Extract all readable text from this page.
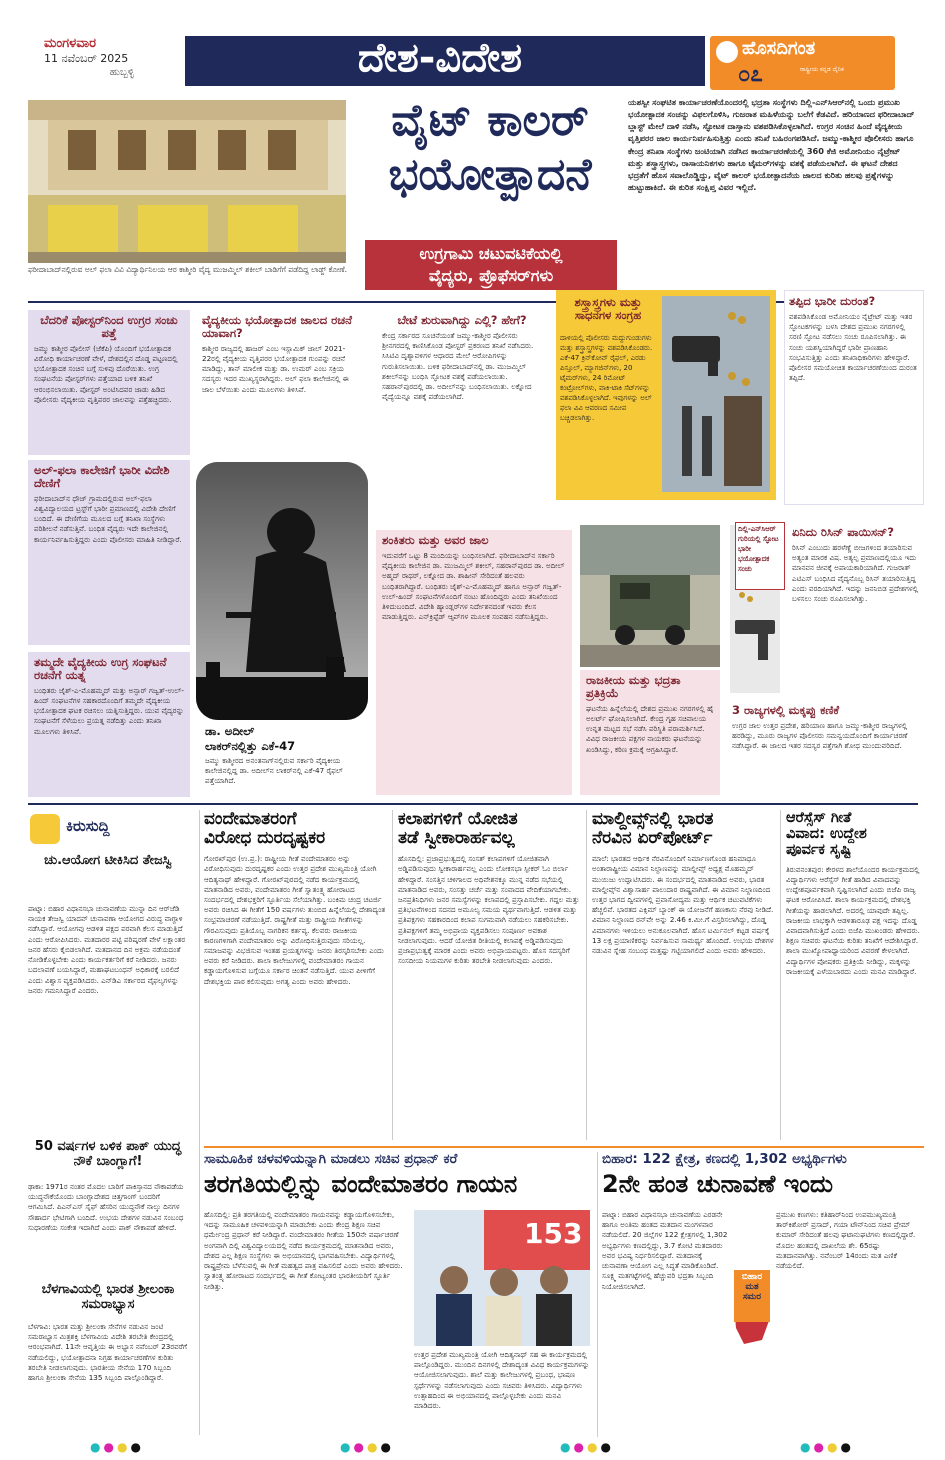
ಮಂಗಳವಾರ
11 ನವೆಂಬರ್ 2025
ಹುಬ್ಬಳ್ಳಿ	ದೇಶ-ವಿದೇಶ	ಹೊಸದಿಗಂತ
ರಾಷ್ಟ್ರೀಯ ಕನ್ನಡ ದೈನಿಕ
೦೭
ಫರೀದಾಬಾದ್‌ನಲ್ಲಿರುವ ಅಲ್ ಫಲಾ ವಿವಿ ವಿದ್ಯಾರ್ಥಿನಿಲಯ ಆರ ಕಾಶ್ಮೀರಿ ವೈದ್ಯ ಮುಜಮ್ಮಿಲ್ ಶಕೀಲ್ ಬಾಡಿಗೆಗೆ ಪಡೆದಿದ್ದ ಲಾಡ್ಜ್ ಕೋಣೆ.
ವೈಟ್ ಕಾಲರ್
ಭಯೋತ್ಪಾದನೆ
ಉಗ್ರಗಾಮಿ ಚಟುವಟಿಕೆಯಲ್ಲಿ
ವೈದ್ಯರು, ಪ್ರೊಫೆಸರ್‌ಗಳು
ಯಶಸ್ವೀ ಸಂಘಟಿತ ಕಾರ್ಯಾಚರಣೆಯೊಂದರಲ್ಲಿ ಭದ್ರತಾ ಸಂಸ್ಥೆಗಳು ದಿಲ್ಲಿ-ಎನ್‌ಸಿಆರ್‌ನಲ್ಲಿ ಒಂದು ಪ್ರಮುಖ ಭಯೋತ್ಪಾದಕ ಸಂಚನ್ನು ವಿಫಲಗೊಳಿಸಿ, ಗುಜರಾತ ಮಹಿಳೆಯನ್ನು ಬಲೆಗೆ ಕೆಡವಿದೆ. ಹರಿಯಾಣದ ಫರೀದಾಬಾದ್ ಬ್ಲಾಸ್ಟ್ ಮೇಲೆ ದಾಳಿ ನಡೆಸಿ, ಸ್ಫೋಟಕ ದಾಸ್ತಾನು ವಶಪಡಿಸಿಕೊಳ್ಳಲಾಗಿದೆ. ಉಗ್ರರ ಸಂಚಿನ ಹಿಂದೆ ವೈದ್ಯಕೀಯ ವೃತ್ತಿಪರರ ಜಾಲ ಕಾರ್ಯನಿರ್ವಹಿಸುತ್ತಿತ್ತು ಎಂದು ತನಿಖೆ ಬಹಿರಂಗಪಡಿಸಿದೆ. ಜಮ್ಮು-ಕಾಶ್ಮೀರ ಪೊಲೀಸರು ಹಾಗೂ ಕೇಂದ್ರ ತನಿಖಾ ಸಂಸ್ಥೆಗಳು ಜಂಟಿಯಾಗಿ ನಡೆಸಿದ ಕಾರ್ಯಾಚರಣೆಯಲ್ಲಿ 360 ಕೆಜಿ ಅಮೋನಿಯಂ ನೈಟ್ರೇಟ್ ಮತ್ತು ಶಸ್ತ್ರಾಸ್ತ್ರಗಳು, ರಾಸಾಯನಿಕಗಳು ಹಾಗೂ ಟೈಮರ್‌ಗಳನ್ನು ವಶಕ್ಕೆ ಪಡೆಯಲಾಗಿದೆ. ಈ ಘಟನೆ ದೇಶದ ಭದ್ರತೆಗೆ ಹೊಸ ಸವಾಲೊಡ್ಡಿದ್ದು, ವೈಟ್ ಕಾಲರ್ ಭಯೋತ್ಪಾದನೆಯ ಜಾಲದ ಕುರಿತು ಹಲವು ಪ್ರಶ್ನೆಗಳನ್ನು ಹುಟ್ಟುಹಾಕಿದೆ. ಈ ಕುರಿತ ಸಂಕ್ಷಿಪ್ತ ವಿವರ ಇಲ್ಲಿದೆ.
ಬೆದರಿಕೆ ಪೋಸ್ಟರ್‌ನಿಂದ ಉಗ್ರರ ಸಂಚು ಪತ್ತೆ
ಜಮ್ಮು ಕಾಶ್ಮೀರ ಪೊಲೀಸ್ (ಜೆಕೆಪಿ) ಯೊಂದಿಗೆ ಭಯೋತ್ಪಾದಕ ವಿರೋಧಿ ಕಾರ್ಯಾಚರಣೆ ವೇಳೆ, ದೇಶದಲ್ಲಿನ ದೊಡ್ಡ ಪಟ್ಟಣದಲ್ಲಿ ಭಯೋತ್ಪಾದಕ ಸಂಚಿನ ಬಗ್ಗೆ ಸುಳಿವು ದೊರೆಯಿತು. ಉಗ್ರ ಸಂಘಟನೆಯ ಪೋಸ್ಟರ್‌ಗಳು ಪತ್ತೆಯಾದ ಬಳಿಕ ತನಿಖೆ ಆರಂಭಿಸಲಾಯಿತು. ಪೋಸ್ಟರ್ ಅಂಟಿಸಿದವರ ಜಾಡು ಹಿಡಿದ ಪೊಲೀಸರು ವೈದ್ಯಕೀಯ ವೃತ್ತಿಪರರ ಜಾಲವನ್ನು ಪತ್ತೆಹಚ್ಚಿದರು.
ವೈದ್ಯಕೀಯ ಭಯೋತ್ಪಾದಕ ಜಾಲದ ರಚನೆ ಯಾವಾಗ?
ಕಾಶ್ಮೀರ ರಾಜ್ಯದಲ್ಲಿ ಹಾಜರ್ ಎಂಬ ಇಸ್ಲಾಮಿಕ್ ಜಾಲ್ 2021-22ರಲ್ಲಿ ವೈದ್ಯಕೀಯ ವೃತ್ತಿಪರರ ಭಯೋತ್ಪಾದಕ ಗುಂಪನ್ನು ರಚನೆ ಮಾಡಿದ್ದು, ತಾನ್ ಮಾಲೀಕ ಮತ್ತು ಡಾ. ಉಮರ್ ಎಂಬ ಸಕ್ರಿಯ ಸದಸ್ಯರು ಇದರ ಮುಖ್ಯಸ್ಥರಾಗಿದ್ದರು. ಅಲ್ ಫಲಾ ಕಾಲೇಜಿನಲ್ಲಿ ಈ ಜಾಲ ಬೆಳೆಯಿತು ಎಂದು ಮೂಲಗಳು ತಿಳಿಸಿವೆ.
ಬೇಟೆ ಶುರುವಾಗಿದ್ದು ಎಲ್ಲಿ? ಹೇಗೆ?
ಕೇಂದ್ರ ಸರ್ಕಾರದ ಸೂಚನೆಯಂತೆ ಜಮ್ಮು-ಕಾಶ್ಮೀರ ಪೊಲೀಸರು ಶ್ರೀನಗರದಲ್ಲಿ ಕಾಣಿಸಿಕೊಂಡ ಪೋಸ್ಟರ್ ಪ್ರಕರಣದ ತನಿಖೆ ನಡೆಸಿದರು. ಸಿಸಿಟಿವಿ ದೃಶ್ಯಾವಳಿಗಳ ಆಧಾರದ ಮೇಲೆ ಆರೋಪಿಗಳನ್ನು ಗುರುತಿಸಲಾಯಿತು. ಬಳಿಕ ಫರೀದಾಬಾದ್‌ನಲ್ಲಿ ಡಾ. ಮುಜಮ್ಮಿಲ್ ಶಕೀಲ್‌ನನ್ನು ಬಂಧಿಸಿ ಸ್ಫೋಟಕ ವಶಕ್ಕೆ ಪಡೆಯಲಾಯಿತು. ಸಹರಾನ್‌ಪುರದಲ್ಲಿ ಡಾ. ಅದೀಲ್‌ನನ್ನು ಬಂಧಿಸಲಾಯಿತು. ಲಕ್ನೋದ ವೈದ್ಯೆಯನ್ನೂ ವಶಕ್ಕೆ ಪಡೆಯಲಾಗಿದೆ.
ಶಸ್ತ್ರಾಸ್ತ್ರಗಳು ಮತ್ತು ಸಾಧನಗಳ ಸಂಗ್ರಹ
ದಾಳಿಯಲ್ಲಿ ಪೊಲೀಸರು ಮದ್ದುಗುಂಡುಗಳು ಮತ್ತು ಶಸ್ತ್ರಾಸ್ತ್ರಗಳನ್ನು ವಶಪಡಿಸಿಕೊಂಡರು. ಎಕೆ-47 ಕ್ರಿನ್‌ಕೋವ್ ರೈಫಲ್, ಎರಡು ಪಿಸ್ತೂಲ್, ಮ್ಯಾಗಜಿನ್‌ಗಳು, 20 ಟೈಮರ್‌ಗಳು, 24 ರಿಮೋಟ್ ಕಂಟ್ರೋಲ್‌ಗಳು, ವಾಕಿ-ಟಾಕಿ ಸೆಟ್‌ಗಳನ್ನು ವಶಪಡಿಸಿಕೊಳ್ಳಲಾಗಿದೆ. ಇವುಗಳನ್ನು ಅಲ್ ಫಲಾ ವಿವಿ ಆವರಣದ ಸಮೀಪ ಬಚ್ಚಿಡಲಾಗಿತ್ತು.
ತಪ್ಪಿದ ಭಾರೀ ದುರಂತ?
ವಶಪಡಿಸಿಕೊಂಡ ಅಮೋನಿಯಂ ನೈಟ್ರೇಟ್ ಮತ್ತು ಇತರ ಸ್ಫೋಟಕಗಳನ್ನು ಬಳಸಿ ದೇಶದ ಪ್ರಮುಖ ನಗರಗಳಲ್ಲಿ ಸರಣಿ ಸ್ಫೋಟ ನಡೆಸಲು ಸಂಚು ರೂಪಿಸಲಾಗಿತ್ತು. ಈ ಸಂಚು ಯಶಸ್ವಿಯಾಗಿದ್ದರೆ ಭಾರೀ ಪ್ರಾಣಹಾನಿ ಸಂಭವಿಸುತ್ತಿತ್ತು ಎಂದು ತನಿಖಾಧಿಕಾರಿಗಳು ಹೇಳಿದ್ದಾರೆ. ಪೊಲೀಸರ ಸಮಯೋಚಿತ ಕಾರ್ಯಾಚರಣೆಯಿಂದ ದುರಂತ ತಪ್ಪಿದೆ.
ಅಲ್-ಫಲಾ ಕಾಲೇಜಿಗೆ ಭಾರೀ ವಿದೇಶಿ ದೇಣಿಗೆ
ಫರೀದಾಬಾದ್‌ನ ಧೌಜ್ ಗ್ರಾಮದಲ್ಲಿರುವ ಅಲ್-ಫಲಾ ವಿಶ್ವವಿದ್ಯಾಲಯದ ಟ್ರಸ್ಟ್‌ಗೆ ಭಾರೀ ಪ್ರಮಾಣದಲ್ಲಿ ವಿದೇಶಿ ದೇಣಿಗೆ ಬಂದಿದೆ. ಈ ದೇಣಿಗೆಯ ಮೂಲದ ಬಗ್ಗೆ ತನಿಖಾ ಸಂಸ್ಥೆಗಳು ಪರಿಶೀಲನೆ ನಡೆಸುತ್ತಿವೆ. ಬಂಧಿತ ವೈದ್ಯರು ಇದೇ ಕಾಲೇಜಿನಲ್ಲಿ ಕಾರ್ಯನಿರ್ವಹಿಸುತ್ತಿದ್ದರು ಎಂದು ಪೊಲೀಸರು ಮಾಹಿತಿ ನೀಡಿದ್ದಾರೆ.
ಡಾ. ಅದೀಲ್
ಲಾಕರ್‌ನಲ್ಲಿತ್ತು ಎಕೆ-47
ಜಮ್ಮು ಕಾಶ್ಮೀರದ ಅನಂತನಾಗ್‌ನಲ್ಲಿರುವ ಸರ್ಕಾರಿ ವೈದ್ಯಕೀಯ ಕಾಲೇಜಿನಲ್ಲಿದ್ದ ಡಾ. ಅದೀಲ್‌ನ ಲಾಕರ್‌ನಲ್ಲಿ ಎಕೆ-47 ರೈಫಲ್ ಪತ್ತೆಯಾಗಿದೆ.
ಶಂಕಿತರು ಮತ್ತು ಅವರ ಜಾಲ
ಇದುವರೆಗೆ ಒಟ್ಟು 8 ಮಂದಿಯನ್ನು ಬಂಧಿಸಲಾಗಿದೆ. ಫರೀದಾಬಾದ್‌ನ ಸರ್ಕಾರಿ ವೈದ್ಯಕೀಯ ಕಾಲೇಜಿನ ಡಾ. ಮುಜಮ್ಮಿಲ್ ಶಕೀಲ್, ಸಹರಾನ್‌ಪುರದ ಡಾ. ಅದೀಲ್ ಅಹ್ಮದ್ ರಾಥರ್, ಲಕ್ನೋದ ಡಾ. ಶಾಹೀನ್ ಸೇರಿದಂತೆ ಹಲವರು ಬಂಧಿತರಾಗಿದ್ದಾರೆ. ಬಂಧಿತರು ಜೈಶ್-ಎ-ಮೊಹಮ್ಮದ್ ಹಾಗೂ ಅನ್ಸಾರ್ ಗಜ್ವತ್-ಉಲ್-ಹಿಂದ್ ಸಂಘಟನೆಗಳೊಂದಿಗೆ ನಂಟು ಹೊಂದಿದ್ದರು ಎಂದು ತನಿಖೆಯಿಂದ ತಿಳಿದುಬಂದಿದೆ. ವಿದೇಶಿ ಹ್ಯಾಂಡ್ಲರ್‌ಗಳ ನಿರ್ದೇಶನದಂತೆ ಇವರು ಕೆಲಸ ಮಾಡುತ್ತಿದ್ದರು. ಎನ್‌ಕ್ರಿಪ್ಟೆಡ್ ಆ್ಯಪ್‌ಗಳ ಮೂಲಕ ಸಂವಹನ ನಡೆಸುತ್ತಿದ್ದರು.
ರಾಜಕೀಯ ಮತ್ತು ಭದ್ರತಾ ಪ್ರತಿಕ್ರಿಯೆ
ಘಟನೆಯ ಹಿನ್ನೆಲೆಯಲ್ಲಿ ದೇಶದ ಪ್ರಮುಖ ನಗರಗಳಲ್ಲಿ ಹೈ ಅಲರ್ಟ್ ಘೋಷಿಸಲಾಗಿದೆ. ಕೇಂದ್ರ ಗೃಹ ಸಚಿವಾಲಯ ಉನ್ನತ ಮಟ್ಟದ ಸಭೆ ನಡೆಸಿ ಪರಿಸ್ಥಿತಿ ಪರಾಮರ್ಶಿಸಿದೆ. ವಿವಿಧ ರಾಜಕೀಯ ಪಕ್ಷಗಳ ನಾಯಕರು ಘಟನೆಯನ್ನು ಖಂಡಿಸಿದ್ದು, ಕಠಿಣ ಕ್ರಮಕ್ಕೆ ಆಗ್ರಹಿಸಿದ್ದಾರೆ.
ದಿಲ್ಲಿ-ಎನ್‌ಸಿಆರ್ ಗುರಿಯಲ್ಲಿ ಸ್ಫೋಟ ಭಾರೀ ಭಯೋತ್ಪಾದಕ ಸಂಚು
ಏನಿದು ರಿಸಿನ್ ಪಾಯಿಸನ್?
ರಿಸಿನ್ ಎಂಬುದು ಹರಳೆಣ್ಣೆ ಬೀಜಗಳಿಂದ ತಯಾರಿಸುವ ಅತ್ಯಂತ ಮಾರಕ ವಿಷ. ಅತ್ಯಲ್ಪ ಪ್ರಮಾಣದಲ್ಲಿಯೂ ಇದು ಮಾನವನ ಜೀವಕ್ಕೆ ಅಪಾಯಕಾರಿಯಾಗಿದೆ. ಗುಜರಾತ್ ಎಟಿಎಸ್ ಬಂಧಿಸಿದ ವೈದ್ಯನೊಬ್ಬ ರಿಸಿನ್ ತಯಾರಿಸುತ್ತಿದ್ದ ಎಂದು ವರದಿಯಾಗಿದೆ. ಇದನ್ನು ಜನನಿಬಿಡ ಪ್ರದೇಶಗಳಲ್ಲಿ ಬಳಸಲು ಸಂಚು ರೂಪಿಸಲಾಗಿತ್ತು.
ತಮ್ಮದೇ ವೈದ್ಯಕೀಯ ಉಗ್ರ ಸಂಘಟನೆ ರಚನೆಗೆ ಯತ್ನ
ಬಂಧಿತರು ಜೈಶ್-ಎ-ಮೊಹಮ್ಮದ್ ಮತ್ತು ಅನ್ಸಾರ್ ಗಜ್ವತ್-ಉಲ್-ಹಿಂದ್ ಸಂಘಟನೆಗಳ ಸಹಕಾರದೊಂದಿಗೆ ತಮ್ಮದೇ ವೈದ್ಯಕೀಯ ಭಯೋತ್ಪಾದಕ ಘಟಕ ರಚಿಸಲು ಯತ್ನಿಸುತ್ತಿದ್ದರು. ಯುವ ವೈದ್ಯರನ್ನು ಸಂಘಟನೆಗೆ ಸೆಳೆಯಲು ಪ್ರಯತ್ನ ನಡೆದಿತ್ತು ಎಂದು ತನಿಖಾ ಮೂಲಗಳು ತಿಳಿಸಿವೆ.
3 ರಾಜ್ಯಗಳಲ್ಲಿ ಮಕ್ಕಪ್ಪು ಕಣಿಕೆ
ಉಗ್ರರ ಜಾಲ ಉತ್ತರ ಪ್ರದೇಶ, ಹರಿಯಾಣ ಹಾಗೂ ಜಮ್ಮು-ಕಾಶ್ಮೀರ ರಾಜ್ಯಗಳಲ್ಲಿ ಹರಡಿದ್ದು, ಮೂರು ರಾಜ್ಯಗಳ ಪೊಲೀಸರು ಸಮನ್ವಯದೊಂದಿಗೆ ಕಾರ್ಯಾಚರಣೆ ನಡೆಸಿದ್ದಾರೆ. ಈ ಜಾಲದ ಇತರ ಸದಸ್ಯರ ಪತ್ತೆಗಾಗಿ ಶೋಧ ಮುಂದುವರಿದಿದೆ.
ಕಿರುಸುದ್ದಿ
ಚು.ಆಯೋಗ ಟೀಕಿಸಿದ ತೇಜಸ್ವಿ
ಪಾಟ್ನಾ: ಬಿಹಾರ ವಿಧಾನಸಭಾ ಚುನಾವಣೆಯ ಮುನ್ನಾ ದಿನ ಆರ್‌ಜೆಡಿ ನಾಯಕ ತೇಜಸ್ವಿ ಯಾದವ್ ಚುನಾವಣಾ ಆಯೋಗದ ವಿರುದ್ಧ ವಾಗ್ದಾಳಿ ನಡೆಸಿದ್ದಾರೆ. ಆಯೋಗವು ಆಡಳಿತ ಪಕ್ಷದ ಪರವಾಗಿ ಕೆಲಸ ಮಾಡುತ್ತಿದೆ ಎಂದು ಆರೋಪಿಸಿದರು. ಮತದಾರರ ಪಟ್ಟಿ ಪರಿಷ್ಕರಣೆ ವೇಳೆ ಲಕ್ಷಾಂತರ ಜನರ ಹೆಸರು ಕೈಬಿಡಲಾಗಿದೆ. ಮತದಾನದ ದಿನ ಅಕ್ರಮ ನಡೆಯದಂತೆ ನೋಡಿಕೊಳ್ಳಬೇಕು ಎಂದು ಕಾರ್ಯಕರ್ತರಿಗೆ ಕರೆ ನೀಡಿದರು. ಜನರು ಬದಲಾವಣೆ ಬಯಸಿದ್ದಾರೆ, ಮಹಾಘಟಬಂಧನ್ ಅಧಿಕಾರಕ್ಕೆ ಬರಲಿದೆ ಎಂದು ವಿಶ್ವಾಸ ವ್ಯಕ್ತಪಡಿಸಿದರು. ಎನ್‌ಡಿಎ ಸರ್ಕಾರದ ವೈಫಲ್ಯಗಳನ್ನು ಜನರು ಗಮನಿಸಿದ್ದಾರೆ ಎಂದರು.
50 ವರ್ಷಗಳ ಬಳಿಕ ಪಾಕ್ ಯುದ್ಧ ನೌಕೆ ಬಾಂಗ್ಲಾಗೆ!
ಢಾಕಾ: 1971ರ ನಂತರ ಮೊದಲ ಬಾರಿಗೆ ಪಾಕಿಸ್ತಾನದ ನೌಕಾಪಡೆಯ ಯುದ್ಧನೌಕೆಯೊಂದು ಬಾಂಗ್ಲಾದೇಶದ ಚಿತ್ತಗಾಂಗ್ ಬಂದರಿಗೆ ಆಗಮಿಸಿದೆ. ಪಿಎನ್‌ಎಸ್ ಸೈಫ್ ಹೆಸರಿನ ಯುದ್ಧನೌಕೆ ನಾಲ್ಕು ದಿನಗಳ ಸೌಹಾರ್ದ ಭೇಟಿಗಾಗಿ ಬಂದಿದೆ. ಉಭಯ ದೇಶಗಳ ನಡುವಿನ ಸಂಬಂಧ ಸುಧಾರಣೆಯ ಸಂಕೇತ ಇದಾಗಿದೆ ಎಂದು ಪಾಕ್ ನೌಕಾಪಡೆ ಹೇಳಿದೆ.
ಬೆಳಗಾವಿಯಲ್ಲಿ ಭಾರತ ಶ್ರೀಲಂಕಾ ಸಮರಾಭ್ಯಾಸ
ಬೆಳಗಾವಿ: ಭಾರತ ಮತ್ತು ಶ್ರೀಲಂಕಾ ಸೇನೆಗಳ ನಡುವಿನ ಜಂಟಿ ಸಮರಾಭ್ಯಾಸ ಮಿತ್ರಶಕ್ತಿ ಬೆಳಗಾವಿಯ ವಿದೇಶಿ ತರಬೇತಿ ಕೇಂದ್ರದಲ್ಲಿ ಆರಂಭವಾಗಿದೆ. 11ನೇ ಆವೃತ್ತಿಯ ಈ ಅಭ್ಯಾಸ ನವೆಂಬರ್ 23ರವರೆಗೆ ನಡೆಯಲಿದ್ದು, ಭಯೋತ್ಪಾದನಾ ನಿಗ್ರಹ ಕಾರ್ಯಾಚರಣೆಗಳ ಕುರಿತು ತರಬೇತಿ ನೀಡಲಾಗುವುದು. ಭಾರತೀಯ ಸೇನೆಯ 170 ಸಿಬ್ಬಂದಿ ಹಾಗೂ ಶ್ರೀಲಂಕಾ ಸೇನೆಯ 135 ಸಿಬ್ಬಂದಿ ಪಾಲ್ಗೊಂಡಿದ್ದಾರೆ.
ವಂದೇಮಾತರಂಗೆ
ವಿರೋಧ ದುರದೃಷ್ಟಕರ
ಗೋರಖ್‌ಪುರ (ಉ.ಪ್ರ.): ರಾಷ್ಟ್ರೀಯ ಗೀತೆ ವಂದೇಮಾತರಂ ಅನ್ನು ವಿರೋಧಿಸುವುದು ದುರದೃಷ್ಟಕರ ಎಂದು ಉತ್ತರ ಪ್ರದೇಶ ಮುಖ್ಯಮಂತ್ರಿ ಯೋಗಿ ಆದಿತ್ಯನಾಥ್ ಹೇಳಿದ್ದಾರೆ. ಗೋರಖ್‌ಪುರದಲ್ಲಿ ನಡೆದ ಕಾರ್ಯಕ್ರಮದಲ್ಲಿ ಮಾತನಾಡಿದ ಅವರು, ವಂದೇಮಾತರಂ ಗೀತೆ ಸ್ವಾತಂತ್ರ್ಯ ಹೋರಾಟದ ಸಂದರ್ಭದಲ್ಲಿ ದೇಶಭಕ್ತರಿಗೆ ಸ್ಫೂರ್ತಿಯ ಸೆಲೆಯಾಗಿತ್ತು. ಬಂಕಿಮ ಚಂದ್ರ ಚಟರ್ಜಿ ಅವರು ರಚಿಸಿದ ಈ ಗೀತೆಗೆ 150 ವರ್ಷಗಳು ತುಂಬಿದ ಹಿನ್ನೆಲೆಯಲ್ಲಿ ದೇಶಾದ್ಯಂತ ಸಂಭ್ರಮಾಚರಣೆ ನಡೆಯುತ್ತಿದೆ. ರಾಷ್ಟ್ರಗೀತೆ ಮತ್ತು ರಾಷ್ಟ್ರೀಯ ಗೀತೆಗಳನ್ನು ಗೌರವಿಸುವುದು ಪ್ರತಿಯೊಬ್ಬ ನಾಗರಿಕನ ಕರ್ತವ್ಯ. ಕೆಲವರು ರಾಜಕೀಯ ಕಾರಣಗಳಿಗಾಗಿ ವಂದೇಮಾತರಂ ಅನ್ನು ವಿರೋಧಿಸುತ್ತಿರುವುದು ಸರಿಯಲ್ಲ. ಸಮಾಜವನ್ನು ವಿಭಜಿಸುವ ಇಂತಹ ಪ್ರಯತ್ನಗಳನ್ನು ಜನರು ತಿರಸ್ಕರಿಸಬೇಕು ಎಂದು ಅವರು ಕರೆ ನೀಡಿದರು. ಶಾಲಾ ಕಾಲೇಜುಗಳಲ್ಲಿ ವಂದೇಮಾತರಂ ಗಾಯನ ಕಡ್ಡಾಯಗೊಳಿಸುವ ಬಗ್ಗೆಯೂ ಸರ್ಕಾರ ಚಿಂತನೆ ನಡೆಸುತ್ತಿದೆ. ಯುವ ಪೀಳಿಗೆಗೆ ದೇಶಭಕ್ತಿಯ ಪಾಠ ಕಲಿಸುವುದು ಅಗತ್ಯ ಎಂದು ಅವರು ಹೇಳಿದರು.
ಕಲಾಪಗಳಿಗೆ ಯೋಜಿತ
ತಡೆ ಸ್ವೀಕಾರಾರ್ಹವಲ್ಲ
ಹೊಸದಿಲ್ಲಿ: ಪ್ರಜಾಪ್ರಭುತ್ವದಲ್ಲಿ ಸಂಸತ್ ಕಲಾಪಗಳಿಗೆ ಯೋಜಿತವಾಗಿ ಅಡ್ಡಿಪಡಿಸುವುದು ಸ್ವೀಕಾರಾರ್ಹವಲ್ಲ ಎಂದು ಲೋಕಸಭಾ ಸ್ಪೀಕರ್ ಓಂ ಬಿರ್ಲಾ ಹೇಳಿದ್ದಾರೆ. ಸಂಸತ್ತಿನ ಚಳಿಗಾಲದ ಅಧಿವೇಶನಕ್ಕೂ ಮುನ್ನ ನಡೆದ ಸಭೆಯಲ್ಲಿ ಮಾತನಾಡಿದ ಅವರು, ಸಂಸತ್ತು ಚರ್ಚೆ ಮತ್ತು ಸಂವಾದದ ವೇದಿಕೆಯಾಗಬೇಕು. ಜನಪ್ರತಿನಿಧಿಗಳು ಜನರ ಸಮಸ್ಯೆಗಳನ್ನು ಕಲಾಪದಲ್ಲಿ ಪ್ರಸ್ತಾಪಿಸಬೇಕು. ಗದ್ದಲ ಮತ್ತು ಪ್ರತಿಭಟನೆಗಳಿಂದ ಸದನದ ಅಮೂಲ್ಯ ಸಮಯ ವ್ಯರ್ಥವಾಗುತ್ತಿದೆ. ಆಡಳಿತ ಮತ್ತು ಪ್ರತಿಪಕ್ಷಗಳು ಸಹಕಾರದಿಂದ ಕಲಾಪ ಸುಗಮವಾಗಿ ನಡೆಯಲು ಸಹಕರಿಸಬೇಕು. ಪ್ರತಿಪಕ್ಷಗಳಿಗೆ ತಮ್ಮ ಅಭಿಪ್ರಾಯ ವ್ಯಕ್ತಪಡಿಸಲು ಸಂಪೂರ್ಣ ಅವಕಾಶ ನೀಡಲಾಗುವುದು. ಆದರೆ ಯೋಜಿತ ರೀತಿಯಲ್ಲಿ ಕಲಾಪಕ್ಕೆ ಅಡ್ಡಿಪಡಿಸುವುದು ಪ್ರಜಾಪ್ರಭುತ್ವಕ್ಕೆ ಮಾರಕ ಎಂದು ಅವರು ಅಭಿಪ್ರಾಯಪಟ್ಟರು. ಹೊಸ ಸದಸ್ಯರಿಗೆ ಸಂಸದೀಯ ನಿಯಮಗಳ ಕುರಿತು ತರಬೇತಿ ನೀಡಲಾಗುವುದು ಎಂದರು.
ಮಾಲ್ದೀವ್ಸ್‌ನಲ್ಲಿ ಭಾರತ
ನೆರವಿನ ಏರ್‌ಪೋರ್ಟ್
ಮಾಲೆ: ಭಾರತದ ಆರ್ಥಿಕ ನೆರವಿನೊಂದಿಗೆ ನಿರ್ಮಾಣಗೊಂಡ ಹನಿಮಾಧೂ ಅಂತಾರಾಷ್ಟ್ರೀಯ ವಿಮಾನ ನಿಲ್ದಾಣವನ್ನು ಮಾಲ್ದೀವ್ಸ್ ಅಧ್ಯಕ್ಷ ಮೊಹಮ್ಮದ್ ಮುಯಿಜು ಉದ್ಘಾಟಿಸಿದರು. ಈ ಸಂದರ್ಭದಲ್ಲಿ ಮಾತನಾಡಿದ ಅವರು, ಭಾರತ ಮಾಲ್ದೀವ್ಸ್‌ನ ವಿಶ್ವಾಸಾರ್ಹ ಪಾಲುದಾರ ರಾಷ್ಟ್ರವಾಗಿದೆ. ಈ ವಿಮಾನ ನಿಲ್ದಾಣದಿಂದ ಉತ್ತರ ಭಾಗದ ದ್ವೀಪಗಳಲ್ಲಿ ಪ್ರವಾಸೋದ್ಯಮ ಮತ್ತು ಆರ್ಥಿಕ ಚಟುವಟಿಕೆಗಳು ಹೆಚ್ಚಲಿವೆ. ಭಾರತದ ಎಕ್ಸಿಮ್ ಬ್ಯಾಂಕ್ ಈ ಯೋಜನೆಗೆ ಹಣಕಾಸು ನೆರವು ನೀಡಿದೆ. ವಿಮಾನ ನಿಲ್ದಾಣದ ರನ್‌ವೇ ಅನ್ನು 2.46 ಕಿ.ಮೀ.ಗೆ ವಿಸ್ತರಿಸಲಾಗಿದ್ದು, ದೊಡ್ಡ ವಿಮಾನಗಳು ಇಳಿಯಲು ಅನುಕೂಲವಾಗಿದೆ. ಹೊಸ ಟರ್ಮಿನಲ್ ಕಟ್ಟಡ ವರ್ಷಕ್ಕೆ 13 ಲಕ್ಷ ಪ್ರಯಾಣಿಕರನ್ನು ನಿರ್ವಹಿಸುವ ಸಾಮರ್ಥ್ಯ ಹೊಂದಿದೆ. ಉಭಯ ದೇಶಗಳ ನಡುವಿನ ಸ್ನೇಹ ಸಂಬಂಧ ಮತ್ತಷ್ಟು ಗಟ್ಟಿಯಾಗಲಿದೆ ಎಂದು ಅವರು ಹೇಳಿದರು.
ಆರೆಸ್ಸೆಸ್ ಗೀತೆ
ವಿವಾದ: ಉದ್ದೇಶ
ಪೂರ್ವಕ ಸೃಷ್ಟಿ
ತಿರುವನಂತಪುರ: ಕೇರಳದ ಶಾಲೆಯೊಂದರ ಕಾರ್ಯಕ್ರಮದಲ್ಲಿ ವಿದ್ಯಾರ್ಥಿಗಳು ಆರೆಸ್ಸೆಸ್ ಗೀತೆ ಹಾಡಿದ ವಿವಾದವನ್ನು ಉದ್ದೇಶಪೂರ್ವಕವಾಗಿ ಸೃಷ್ಟಿಸಲಾಗಿದೆ ಎಂದು ಬಿಜೆಪಿ ರಾಜ್ಯ ಘಟಕ ಆರೋಪಿಸಿದೆ. ಶಾಲಾ ಕಾರ್ಯಕ್ರಮದಲ್ಲಿ ದೇಶಭಕ್ತಿ ಗೀತೆಯನ್ನು ಹಾಡಲಾಗಿದೆ. ಅದರಲ್ಲಿ ಯಾವುದೇ ತಪ್ಪಿಲ್ಲ. ರಾಜಕೀಯ ಲಾಭಕ್ಕಾಗಿ ಆಡಳಿತಾರೂಢ ಪಕ್ಷ ಇದನ್ನು ದೊಡ್ಡ ವಿವಾದವಾಗಿಸುತ್ತಿದೆ ಎಂದು ಬಿಜೆಪಿ ಮುಖಂಡರು ಹೇಳಿದರು. ಶಿಕ್ಷಣ ಸಚಿವರು ಘಟನೆಯ ಕುರಿತು ತನಿಖೆಗೆ ಆದೇಶಿಸಿದ್ದಾರೆ. ಶಾಲಾ ಮುಖ್ಯೋಪಾಧ್ಯಾಯರಿಂದ ವಿವರಣೆ ಕೇಳಲಾಗಿದೆ. ವಿದ್ಯಾರ್ಥಿಗಳ ಪೋಷಕರು ಪ್ರತಿಕ್ರಿಯೆ ನೀಡಿದ್ದು, ಮಕ್ಕಳನ್ನು ರಾಜಕೀಯಕ್ಕೆ ಎಳೆಯಬಾರದು ಎಂದು ಮನವಿ ಮಾಡಿದ್ದಾರೆ.
ಸಾಮೂಹಿಕ ಚಳವಳಿಯನ್ನಾಗಿ ಮಾಡಲು ಸಚಿವ ಪ್ರಧಾನ್ ಕರೆ
ತರಗತಿಯಲ್ಲಿನ್ನು ವಂದೇಮಾತರಂ ಗಾಯನ
ಹೊಸದಿಲ್ಲಿ: ಪ್ರತಿ ತರಗತಿಯಲ್ಲಿ ವಂದೇಮಾತರಂ ಗಾಯನವನ್ನು ಕಡ್ಡಾಯಗೊಳಿಸಬೇಕು, ಇದನ್ನು ಸಾಮೂಹಿಕ ಚಳವಳಿಯನ್ನಾಗಿ ಮಾಡಬೇಕು ಎಂದು ಕೇಂದ್ರ ಶಿಕ್ಷಣ ಸಚಿವ ಧರ್ಮೇಂದ್ರ ಪ್ರಧಾನ್ ಕರೆ ನೀಡಿದ್ದಾರೆ. ವಂದೇಮಾತರಂ ಗೀತೆಯ 150ನೇ ವರ್ಷಾಚರಣೆ ಅಂಗವಾಗಿ ದಿಲ್ಲಿ ವಿಶ್ವವಿದ್ಯಾಲಯದಲ್ಲಿ ನಡೆದ ಕಾರ್ಯಕ್ರಮದಲ್ಲಿ ಮಾತನಾಡಿದ ಅವರು, ದೇಶದ ಎಲ್ಲ ಶಿಕ್ಷಣ ಸಂಸ್ಥೆಗಳು ಈ ಅಭಿಯಾನದಲ್ಲಿ ಭಾಗವಹಿಸಬೇಕು. ವಿದ್ಯಾರ್ಥಿಗಳಲ್ಲಿ ರಾಷ್ಟ್ರಪ್ರೇಮ ಬೆಳೆಸುವಲ್ಲಿ ಈ ಗೀತೆ ಮಹತ್ವದ ಪಾತ್ರ ವಹಿಸಲಿದೆ ಎಂದು ಅವರು ಹೇಳಿದರು. ಸ್ವಾತಂತ್ರ್ಯ ಹೋರಾಟದ ಸಂದರ್ಭದಲ್ಲಿ ಈ ಗೀತೆ ಕೋಟ್ಯಂತರ ಭಾರತೀಯರಿಗೆ ಸ್ಫೂರ್ತಿ ನೀಡಿತ್ತು.
153
ಉತ್ತರ ಪ್ರದೇಶ ಮುಖ್ಯಮಂತ್ರಿ ಯೋಗಿ ಆದಿತ್ಯನಾಥ್ ಸಹ ಈ ಕಾರ್ಯಕ್ರಮದಲ್ಲಿ ಪಾಲ್ಗೊಂಡಿದ್ದರು. ಮುಂದಿನ ದಿನಗಳಲ್ಲಿ ದೇಶಾದ್ಯಂತ ವಿವಿಧ ಕಾರ್ಯಕ್ರಮಗಳನ್ನು ಆಯೋಜಿಸಲಾಗುವುದು. ಶಾಲೆ ಮತ್ತು ಕಾಲೇಜುಗಳಲ್ಲಿ ಪ್ರಬಂಧ, ಭಾಷಣ ಸ್ಪರ್ಧೆಗಳನ್ನು ನಡೆಸಲಾಗುವುದು ಎಂದು ಸಚಿವರು ತಿಳಿಸಿದರು. ವಿದ್ಯಾರ್ಥಿಗಳು ಉತ್ಸಾಹದಿಂದ ಈ ಅಭಿಯಾನದಲ್ಲಿ ಪಾಲ್ಗೊಳ್ಳಬೇಕು ಎಂದು ಮನವಿ ಮಾಡಿದರು.
ಬಿಹಾರ: 122 ಕ್ಷೇತ್ರ, ಕಣದಲ್ಲಿ 1,302 ಅಭ್ಯರ್ಥಿಗಳು
2ನೇ ಹಂತ ಚುನಾವಣೆ ಇಂದು
ಪಾಟ್ನಾ: ಬಿಹಾರ ವಿಧಾನಸಭಾ ಚುನಾವಣೆಯ ಎರಡನೇ ಹಾಗೂ ಅಂತಿಮ ಹಂತದ ಮತದಾನ ಮಂಗಳವಾರ ನಡೆಯಲಿದೆ. 20 ಜಿಲ್ಲೆಗಳ 122 ಕ್ಷೇತ್ರಗಳಲ್ಲಿ 1,302 ಅಭ್ಯರ್ಥಿಗಳು ಕಣದಲ್ಲಿದ್ದು, 3.7 ಕೋಟಿ ಮತದಾರರು ಅವರ ಭವಿಷ್ಯ ನಿರ್ಧರಿಸಲಿದ್ದಾರೆ. ಮತದಾನಕ್ಕೆ ಚುನಾವಣಾ ಆಯೋಗ ಎಲ್ಲ ಸಿದ್ಧತೆ ಮಾಡಿಕೊಂಡಿದೆ. ಸೂಕ್ಷ್ಮ ಮತಗಟ್ಟೆಗಳಲ್ಲಿ ಹೆಚ್ಚುವರಿ ಭದ್ರತಾ ಸಿಬ್ಬಂದಿ ನಿಯೋಜಿಸಲಾಗಿದೆ.
ಬಿಹಾರ
ಮತ
ಸಮರ
ಪ್ರಮುಖ ಕಣಗಳು: ಕತಿಹಾರ್‌ನಿಂದ ಉಪಮುಖ್ಯಮಂತ್ರಿ ತಾರ್‌ಕಿಶೋರ್ ಪ್ರಸಾದ್, ಗಯಾ ಟೌನ್‌ನಿಂದ ಸಚಿವ ಪ್ರೇಮ್ ಕುಮಾರ್ ಸೇರಿದಂತೆ ಹಲವು ಘಟಾನುಘಟಿಗಳು ಕಣದಲ್ಲಿದ್ದಾರೆ. ಮೊದಲ ಹಂತದಲ್ಲಿ ದಾಖಲೆಯ ಶೇ. 65ರಷ್ಟು ಮತದಾನವಾಗಿತ್ತು. ನವೆಂಬರ್ 14ರಂದು ಮತ ಎಣಿಕೆ ನಡೆಯಲಿದೆ.
●●●●	●●●●	●●●●	●●●●
